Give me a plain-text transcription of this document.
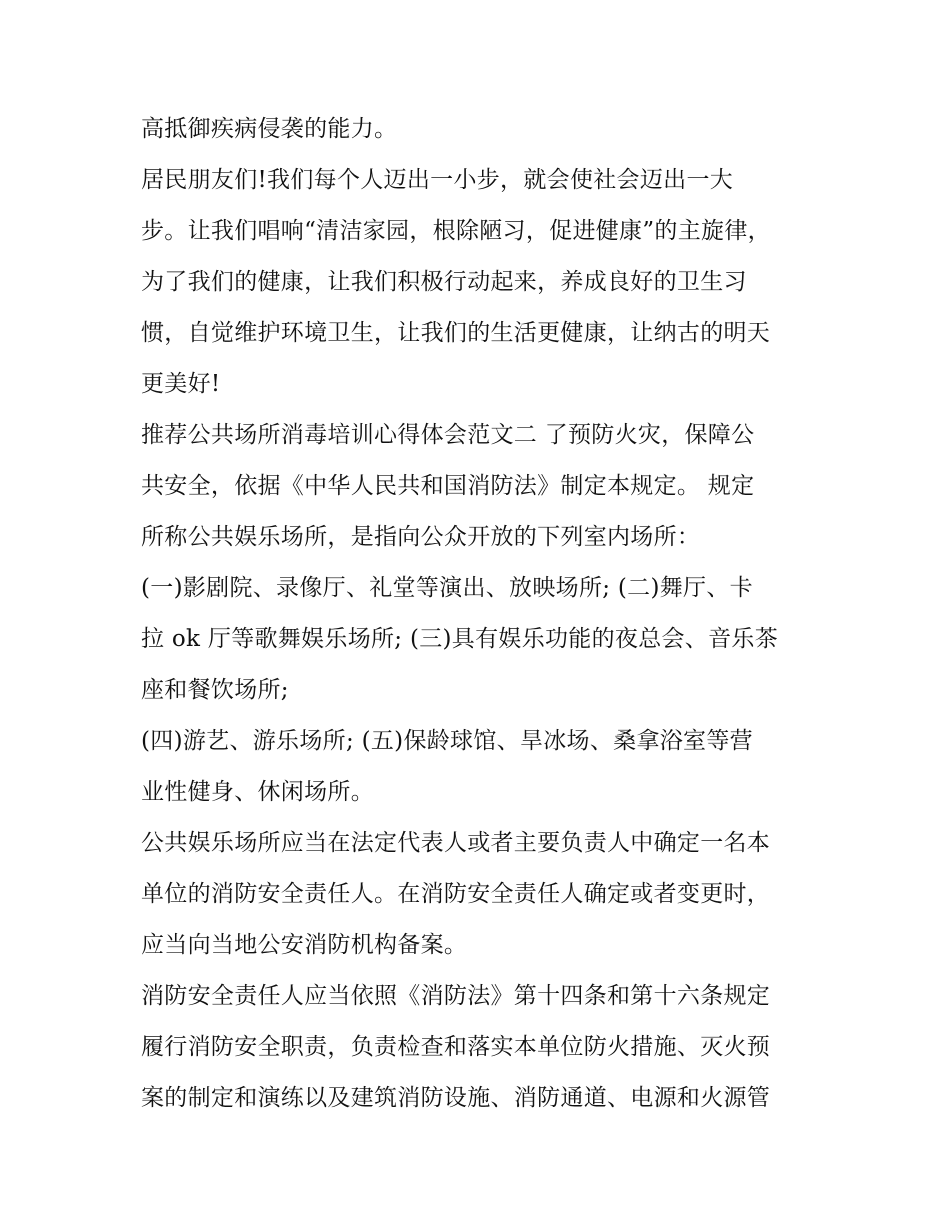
高抵御疾病侵袭的能力。
居民朋友们!我们每个人迈出一小步，就会使社会迈出一大
步。让我们唱响“清洁家园，根除陋习，促进健康”的主旋律，
为了我们的健康，让我们积极行动起来，养成良好的卫生习
惯，自觉维护环境卫生，让我们的生活更健康，让纳古的明天
更美好!
推荐公共场所消毒培训心得体会范文二 了预防火灾，保障公
共安全，依据《中华人民共和国消防法》制定本规定。 规定
所称公共娱乐场所，是指向公众开放的下列室内场所：
(一)影剧院、录像厅、礼堂等演出、放映场所; (二)舞厅、卡
拉 ok 厅等歌舞娱乐场所; (三)具有娱乐功能的夜总会、音乐茶
座和餐饮场所;
(四)游艺、游乐场所; (五)保龄球馆、旱冰场、桑拿浴室等营
业性健身、休闲场所。
公共娱乐场所应当在法定代表人或者主要负责人中确定一名本
单位的消防安全责任人。在消防安全责任人确定或者变更时，
应当向当地公安消防机构备案。
消防安全责任人应当依照《消防法》第十四条和第十六条规定
履行消防安全职责，负责检查和落实本单位防火措施、灭火预
案的制定和演练以及建筑消防设施、消防通道、电源和火源管
